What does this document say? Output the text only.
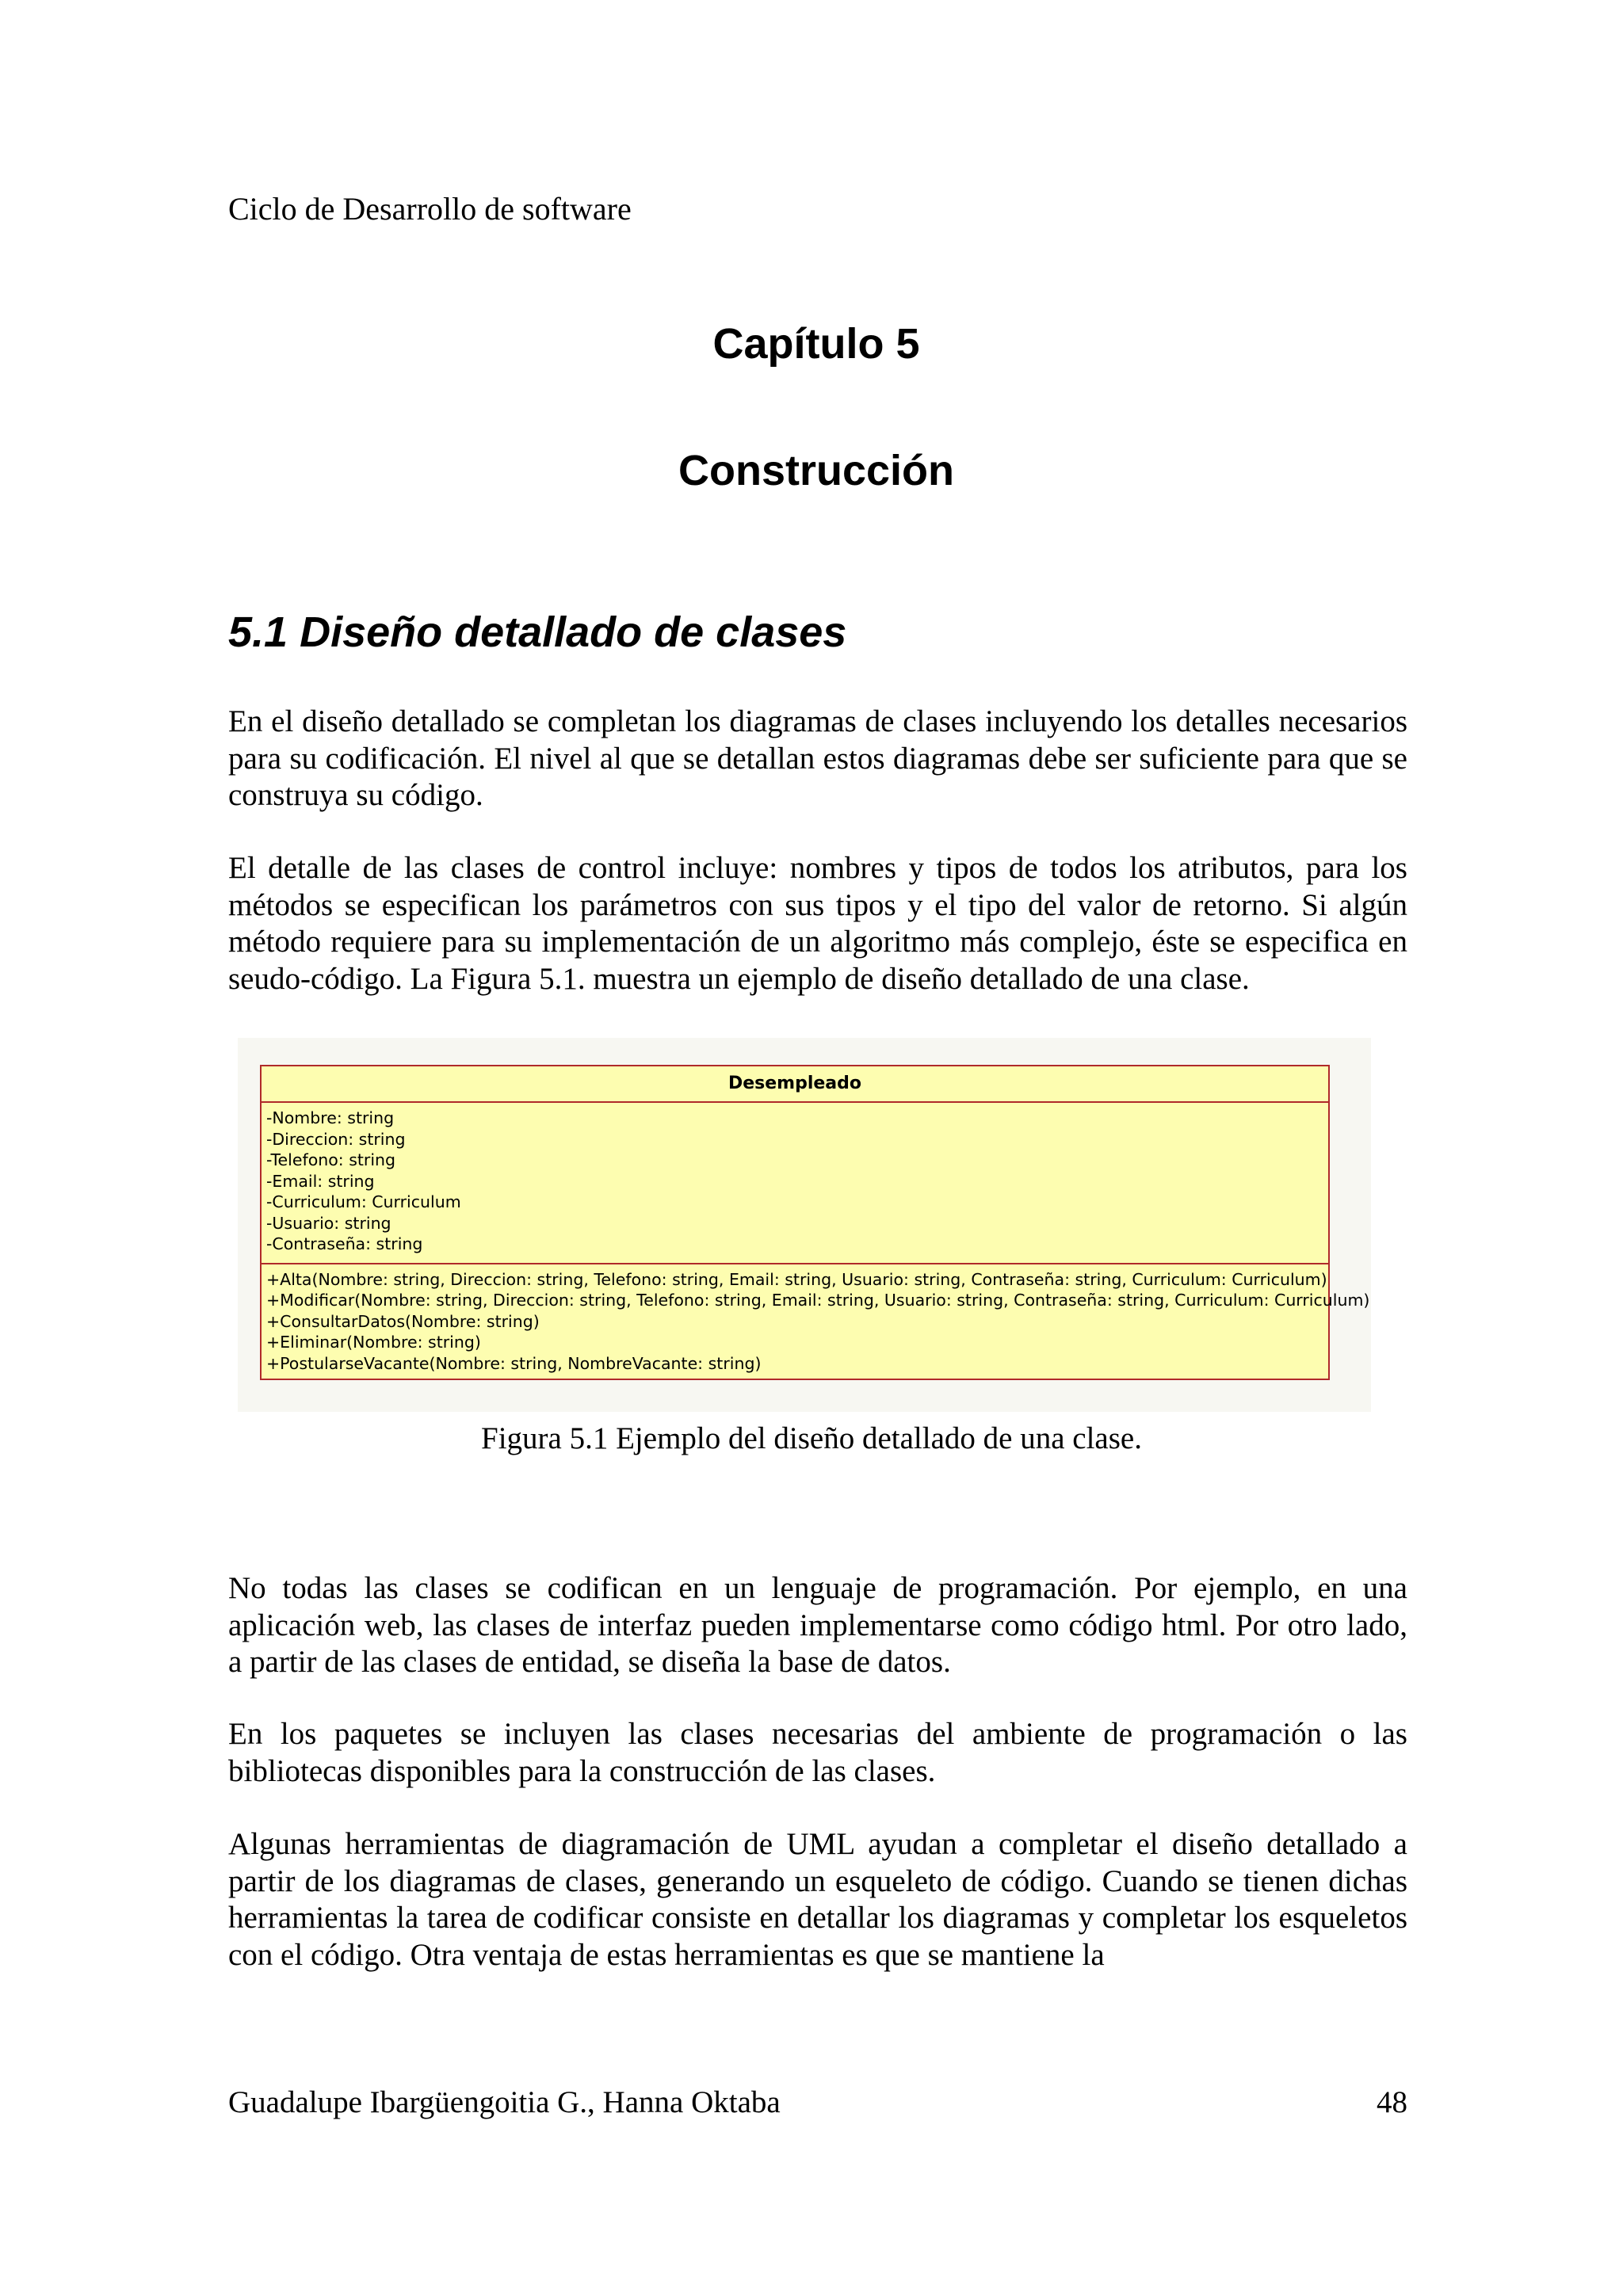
Ciclo de Desarrollo de software
Capítulo 5
Construcción
5.1 Diseño detallado de clases

En el diseño detallado se completan los diagramas de clases incluyendo los detalles necesarios para su codificación. El nivel al que se detallan estos diagramas debe ser suficiente para que se construya su código.

El detalle de las clases de control incluye: nombres y tipos de todos los atributos, para los métodos se especifican los parámetros con sus tipos y el tipo del valor de retorno. Si algún método requiere para su implementación de un algoritmo más complejo, éste se especifica en seudo-código. La Figura 5.1. muestra un ejemplo de diseño detallado de una clase.

Desempleado
-Nombre: string
-Direccion: string
-Telefono: string
-Email: string
-Curriculum: Curriculum
-Usuario: string
-Contraseña: string
+Alta(Nombre: string, Direccion: string, Telefono: string, Email: string, Usuario: string, Contraseña: string, Curriculum: Curriculum)
+Modificar(Nombre: string, Direccion: string, Telefono: string, Email: string, Usuario: string, Contraseña: string, Curriculum: Curriculum)
+ConsultarDatos(Nombre: string)
+Eliminar(Nombre: string)
+PostularseVacante(Nombre: string, NombreVacante: string)
Figura 5.1 Ejemplo del diseño detallado de una clase.

No todas las clases se codifican en un lenguaje de programación. Por ejemplo, en una aplicación web, las clases de interfaz pueden implementarse como código html. Por otro lado, a partir de las clases de entidad, se diseña la base de datos.

En los paquetes se incluyen las clases necesarias del ambiente de programación o las bibliotecas disponibles para la construcción de las clases.

Algunas herramientas de diagramación de UML ayudan a completar el diseño detallado a partir de los diagramas de clases, generando un esqueleto de código. Cuando se tienen dichas herramientas la tarea de codificar consiste en detallar los diagramas y completar los esqueletos con el código. Otra ventaja de estas herramientas es que se mantiene la

Guadalupe Ibargüengoitia G., Hanna Oktaba	48
